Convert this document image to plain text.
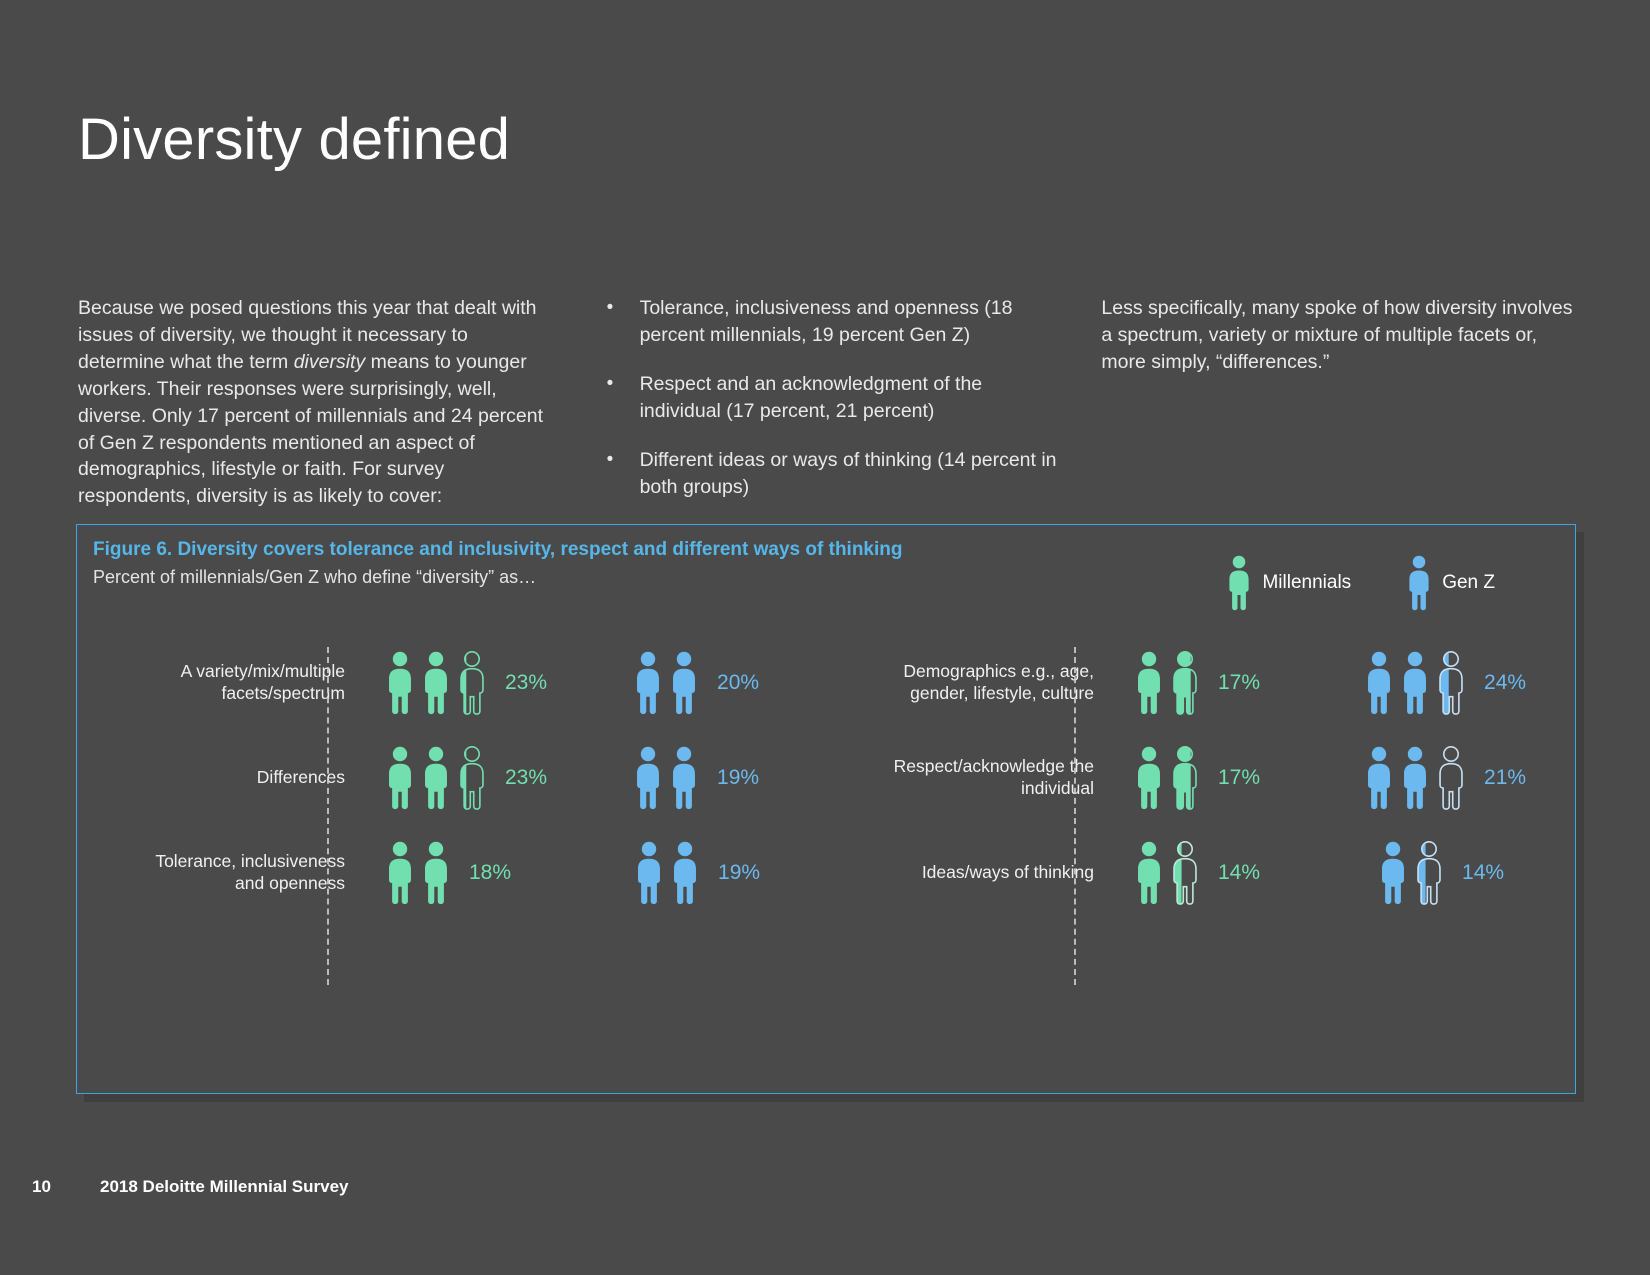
Diversity defined

Because we posed questions this year that dealt with issues of diversity, we thought it necessary to determine what the term diversity means to younger workers. Their responses were surprisingly, well, diverse. Only 17 percent of millennials and 24 percent of Gen Z respondents mentioned an aspect of demographics, lifestyle or faith. For survey respondents, diversity is as likely to cover:

• Tolerance, inclusiveness and openness (18 percent millennials, 19 percent Gen Z)
• Respect and an acknowledgment of the individual (17 percent, 21 percent)
• Different ideas or ways of thinking (14 percent in both groups)

Less specifically, many spoke of how diversity involves a spectrum, variety or mixture of multiple facets or, more simply, “differences.”

Figure 6. Diversity covers tolerance and inclusivity, respect and different ways of thinking
Percent of millennials/Gen Z who define “diversity” as…	Millennials	Gen Z
A variety/mix/multiple facets/spectrum	23%	20%
Differences	23%	19%
Tolerance, inclusiveness and openness	18%	19%
Demographics e.g., age, gender, lifestyle, culture	17%	24%
Respect/acknowledge the individual	17%	21%
Ideas/ways of thinking	14%	14%
10	2018 Deloitte Millennial Survey
